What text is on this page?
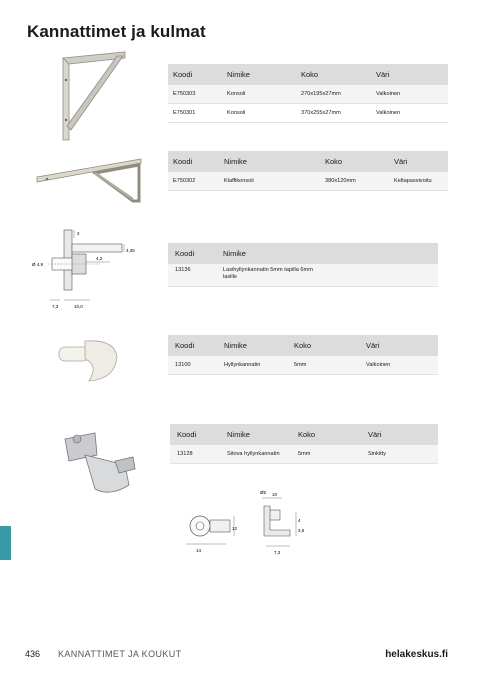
Kannattimet ja kulmat
2
4,35
4,2
Ø 4,9
7,3	10,0
Ø5 10
12
14
4
3,5
7,3
Koodi	Nimike	Koko	Väri
E750303	Konsoli	270x195x27mm	Valkoinen
E750301	Konsoli	370x255x27mm	Valkoinen
Koodi	Nimike	Koko	Väri
E750302	Klaffikonsoli	380x120mm	Keltapassivoitu
Koodi	Nimike
13136	Lasihyllynkannatin 5mm tapilla 6mm lasille
Koodi	Nimike	Koko	Väri
13100	Hyllynkannatin	5mm	Valkoinen
Koodi	Nimike	Koko	Väri
13128	Sitova hyllynkannatin	5mm	Sinkitty
436 KANNATTIMET JA KOUKUT	helakeskus.fi
